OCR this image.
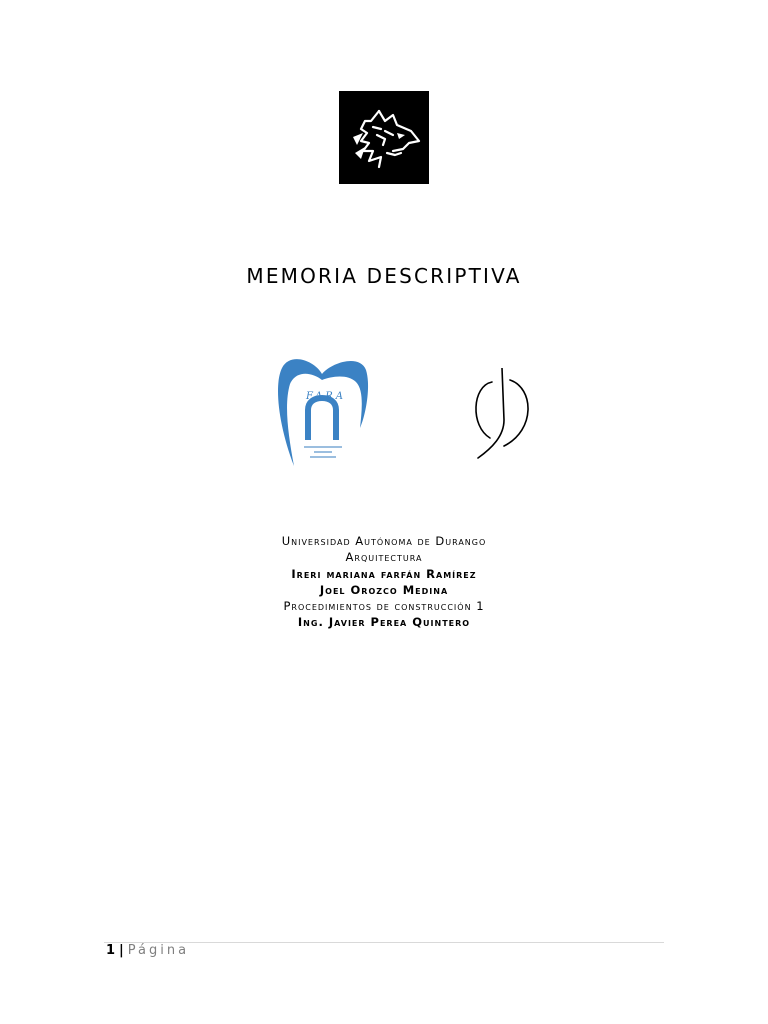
MEMORIA DESCRIPTIVA
FARA
Universidad Autónoma de Durango
Arquitectura
Ireri mariana farfán Ramírez
Joel Orozco Medina
Procedimientos de construcción 1
Ing. Javier Perea Quintero
1 | Página
